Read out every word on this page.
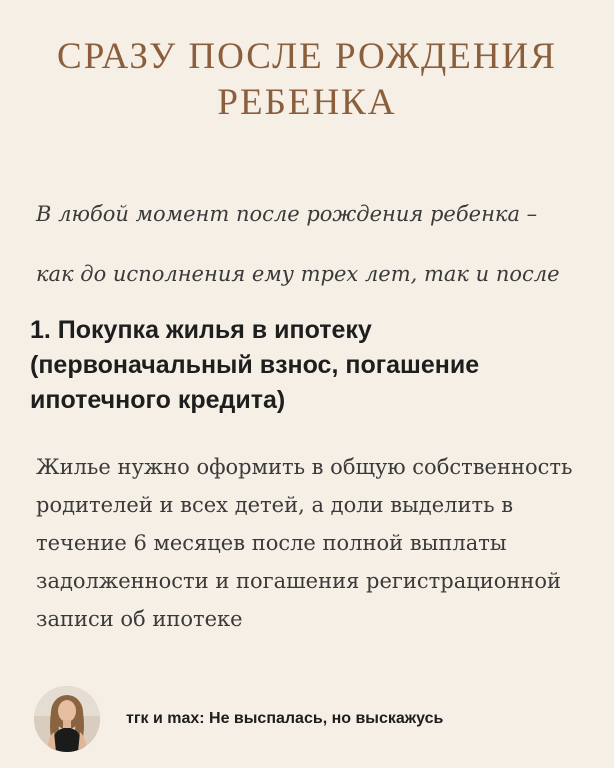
СРАЗУ ПОСЛЕ РОЖДЕНИЯ
РЕБЕНКА
В любой момент после рождения ребенка –
как до исполнения ему трех лет, так и после
1. Покупка жилья в ипотеку (первоначальный взнос, погашение ипотечного кредита)

Жилье нужно оформить в общую собственность родителей и всех детей, а доли выделить в течение 6 месяцев после полной выплаты задолженности и погашения регистрационной записи об ипотеке

тгк и max: Не выспалась, но выскажусь
